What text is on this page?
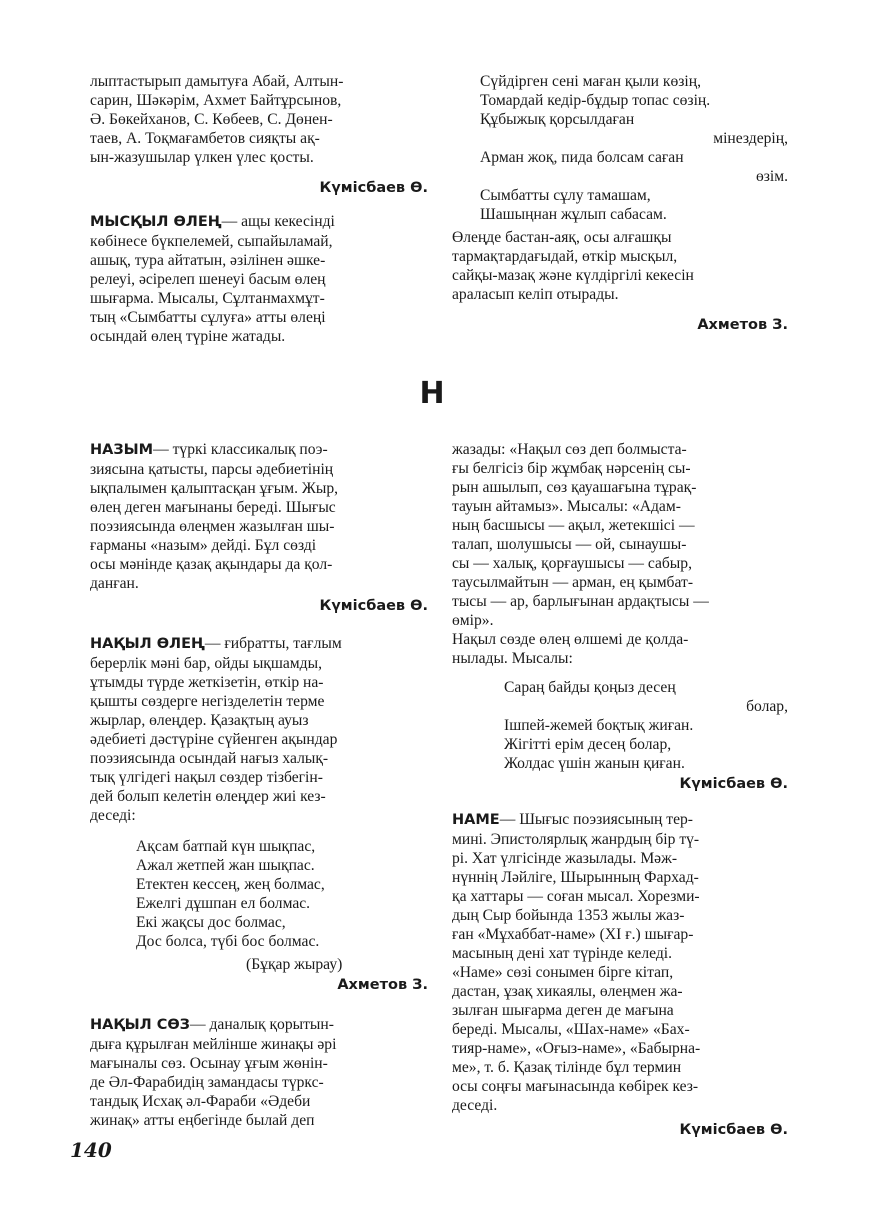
лыптастырып дамытуға Абай, Алтын-
сарин, Шәкәрім, Ахмет Байтұрсынов,
Ә. Бөкейханов, С. Көбеев, С. Дөнен-
таев, А. Тоқмағамбетов сияқты ақ-
ын-жазушылар үлкен үлес қосты.
Күмісбаев Ө.
МЫСҚЫЛ ӨЛЕҢ— ащы кекесінді
көбінесе бүкпелемей, сыпайыламай,
ашық, тура айтатын, әзілінен әшке-
релеуі, әсірелеп шенеуі басым өлең
шығарма. Мысалы, Сұлтанмахмұт-
тың «Сымбатты сұлуға» атты өлеңі
осындай өлең түріне жатады.
Сүйдірген сені маған қыли көзің,
Томардай кедір-бұдыр топас сөзің.
Құбыжық қорсылдаған
мінездерің,
Арман жоқ, пида болсам саған
өзім.
Сымбатты сұлу тамашам,
Шашыңнан жұлып сабасам.
Өлеңде бастан-аяқ, осы алғашқы
тармақтардағыдай, өткір мысқыл,
сайқы-мазақ және күлдіргілі кекесін
араласып келіп отырады.
Ахметов З.
Н
НАЗЫМ— түркі классикалық поэ-
зиясына қатысты, парсы әдебиетінің
ықпалымен қалыптасқан ұғым. Жыр,
өлең деген мағынаны береді. Шығыс
поэзиясында өлеңмен жазылған шы-
ғарманы «назым» дейді. Бұл сөзді
осы мәнінде қазақ ақындары да қол-
данған.
Күмісбаев Ө.
НАҚЫЛ ӨЛЕҢ— ғибратты, тағлым
берерлік мәні бар, ойды ықшамды,
ұтымды түрде жеткізетін, өткір на-
қышты сөздерге негізделетін терме
жырлар, өлеңдер. Қазақтың ауыз
әдебиеті дәстүріне сүйенген ақындар
поэзиясында осындай нағыз халық-
тық үлгідегі нақыл сөздер тізбегін-
дей болып келетін өлеңдер жиі кез-
деседі:
Ақсам батпай күн шықпас,
Ажал жетпей жан шықпас.
Етектен кессең, жең болмас,
Ежелгі дұшпан ел болмас.
Екі жақсы дос болмас,
Дос болса, түбі бос болмас.
(Бұқар жырау)
Ахметов З.
НАҚЫЛ СӨЗ— даналық қорытын-
дыға құрылған мейлінше жинақы әрі
мағыналы сөз. Осынау ұғым жөнін-
де Әл-Фарабидің замандасы түркс-
тандық Исхақ әл-Фараби «Әдеби
жинақ» атты еңбегінде былай деп
жазады: «Нақыл сөз деп болмыста-
ғы белгісіз бір жұмбақ нәрсенің сы-
рын ашылып, сөз қауашағына тұрақ-
тауын айтамыз». Мысалы: «Адам-
ның басшысы — ақыл, жетекшісі —
талап, шолушысы — ой, сынаушы-
сы — халық, қорғаушысы — сабыр,
таусылмайтын — арман, ең қымбат-
тысы — ар, барлығынан ардақтысы —
өмір».
Нақыл сөзде өлең өлшемі де қолда-
нылады. Мысалы:
Сараң байды қоңыз десең
болар,
Ішпей-жемей боқтық жиған.
Жігітті ерім десең болар,
Жолдас үшін жанын қиған.
Күмісбаев Ө.
НАМЕ— Шығыс поэзиясының тер-
мині. Эпистолярлық жанрдың бір тү-
рі. Хат үлгісінде жазылады. Мәж-
нүннің Ләйліге, Шырынның Фархад-
қа хаттары — соған мысал. Хорезми-
дың Сыр бойында 1353 жылы жаз-
ған «Мұхаббат-наме» (XI ғ.) шығар-
масының дені хат түрінде келеді.
«Наме» сөзі сонымен бірге кітап,
дастан, ұзақ хикаялы, өлеңмен жа-
зылған шығарма деген де мағына
береді. Мысалы, «Шах-наме» «Бах-
тияр-наме», «Оғыз-наме», «Бабырна-
ме», т. б. Қазақ тілінде бұл термин
осы соңғы мағынасында көбірек кез-
деседі.
Күмісбаев Ө.
140
